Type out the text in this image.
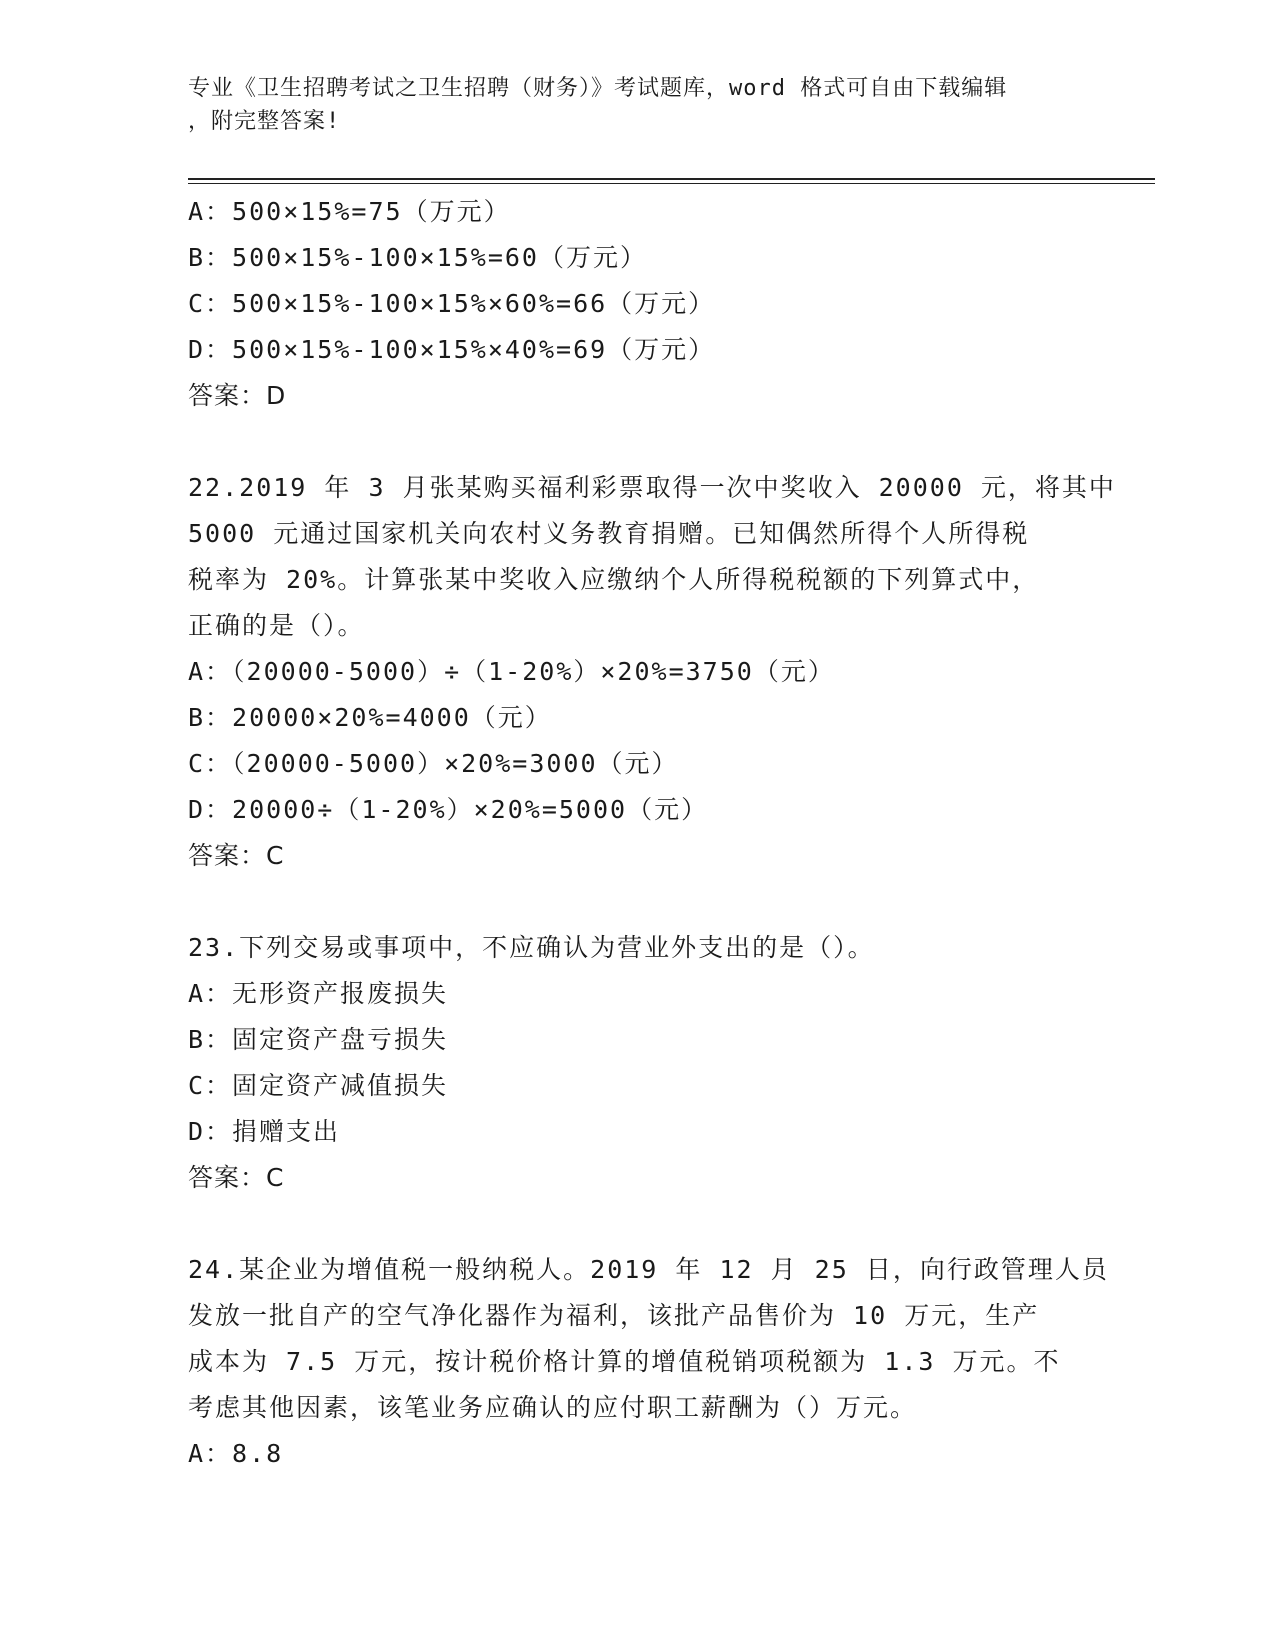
专业《卫生招聘考试之卫生招聘（财务）》考试题库，word 格式可自由下载编辑
，附完整答案!
A：500×15%=75（万元）
B：500×15%-100×15%=60（万元）
C：500×15%-100×15%×60%=66（万元）
D：500×15%-100×15%×40%=69（万元）
答案：D
22.2019 年 3 月张某购买福利彩票取得一次中奖收入 20000 元，将其中
5000 元通过国家机关向农村义务教育捐赠。已知偶然所得个人所得税
税率为 20%。计算张某中奖收入应缴纳个人所得税税额的下列算式中，
正确的是（）。
A：（20000-5000）÷（1-20%）×20%=3750（元）
B：20000×20%=4000（元）
C：（20000-5000）×20%=3000（元）
D：20000÷（1-20%）×20%=5000（元）
答案：C
23.下列交易或事项中，不应确认为营业外支出的是（）。
A：无形资产报废损失
B：固定资产盘亏损失
C：固定资产减值损失
D：捐赠支出
答案：C
24.某企业为增值税一般纳税人。2019 年 12 月 25 日，向行政管理人员
发放一批自产的空气净化器作为福利，该批产品售价为 10 万元，生产
成本为 7.5 万元，按计税价格计算的增值税销项税额为 1.3 万元。不
考虑其他因素，该笔业务应确认的应付职工薪酬为（）万元。
A：8.8
